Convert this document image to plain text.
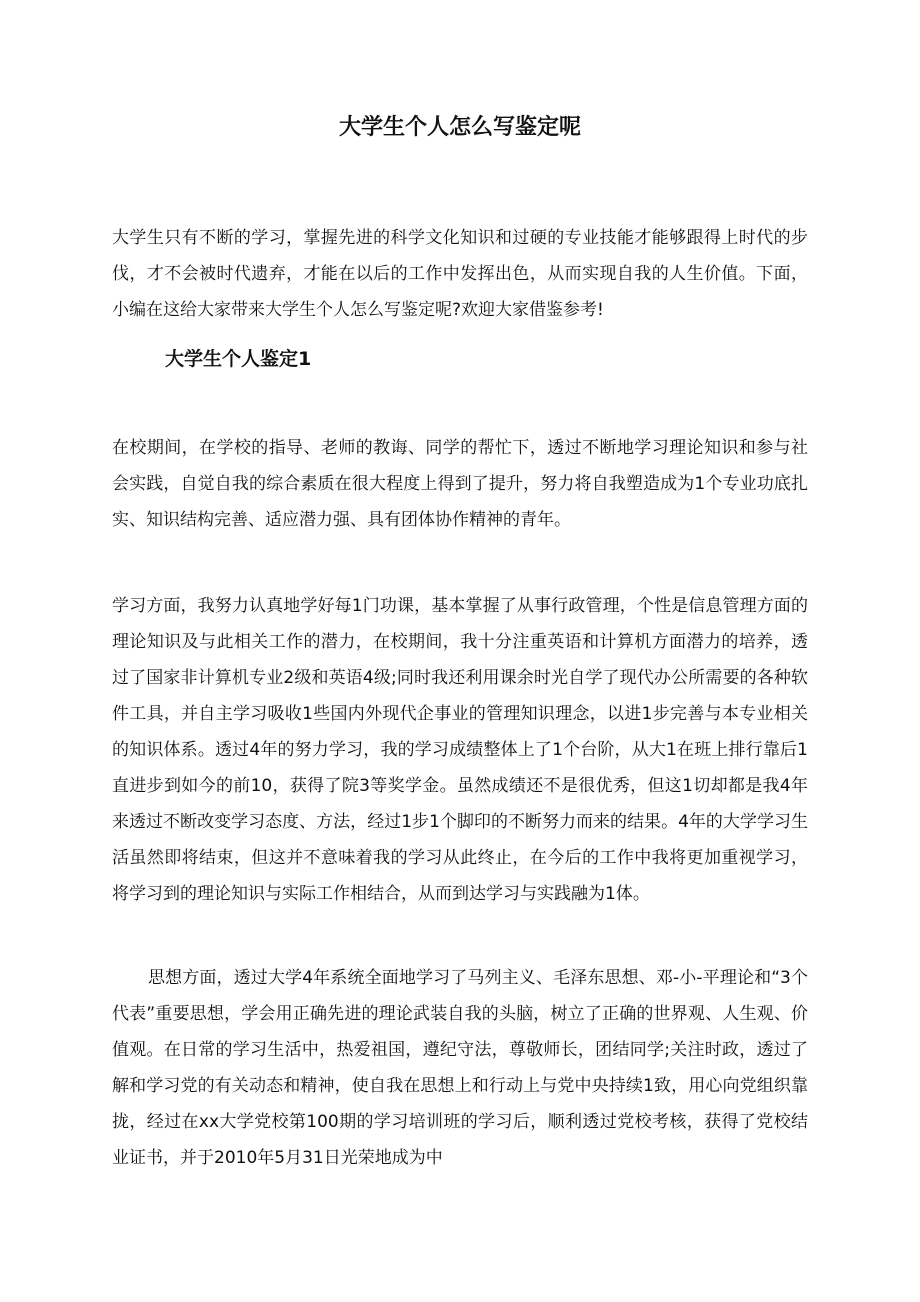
大学生个人怎么写鉴定呢

大学生只有不断的学习，掌握先进的科学文化知识和过硬的专业技能才能够跟得上时代的步伐，才不会被时代遗弃，才能在以后的工作中发挥出色，从而实现自我的人生价值。下面，小编在这给大家带来大学生个人怎么写鉴定呢?欢迎大家借鉴参考!

大学生个人鉴定1

在校期间，在学校的指导、老师的教诲、同学的帮忙下，透过不断地学习理论知识和参与社会实践，自觉自我的综合素质在很大程度上得到了提升，努力将自我塑造成为1个专业功底扎实、知识结构完善、适应潜力强、具有团体协作精神的青年。

学习方面，我努力认真地学好每1门功课，基本掌握了从事行政管理，个性是信息管理方面的理论知识及与此相关工作的潜力，在校期间，我十分注重英语和计算机方面潜力的培养，透过了国家非计算机专业2级和英语4级;同时我还利用课余时光自学了现代办公所需要的各种软件工具，并自主学习吸收1些国内外现代企事业的管理知识理念，以进1步完善与本专业相关的知识体系。透过4年的努力学习，我的学习成绩整体上了1个台阶，从大1在班上排行靠后1直进步到如今的前10，获得了院3等奖学金。虽然成绩还不是很优秀，但这1切却都是我4年来透过不断改变学习态度、方法，经过1步1个脚印的不断努力而来的结果。4年的大学学习生活虽然即将结束，但这并不意味着我的学习从此终止，在今后的工作中我将更加重视学习，将学习到的理论知识与实际工作相结合，从而到达学习与实践融为1体。

思想方面，透过大学4年系统全面地学习了马列主义、毛泽东思想、邓-小-平理论和“3个代表”重要思想，学会用正确先进的理论武装自我的头脑，树立了正确的世界观、人生观、价值观。在日常的学习生活中，热爱祖国，遵纪守法，尊敬师长，团结同学;关注时政，透过了解和学习党的有关动态和精神，使自我在思想上和行动上与党中央持续1致，用心向党组织靠拢，经过在xx大学党校第100期的学习培训班的学习后，顺利透过党校考核，获得了党校结业证书，并于2010年5月31日光荣地成为中
